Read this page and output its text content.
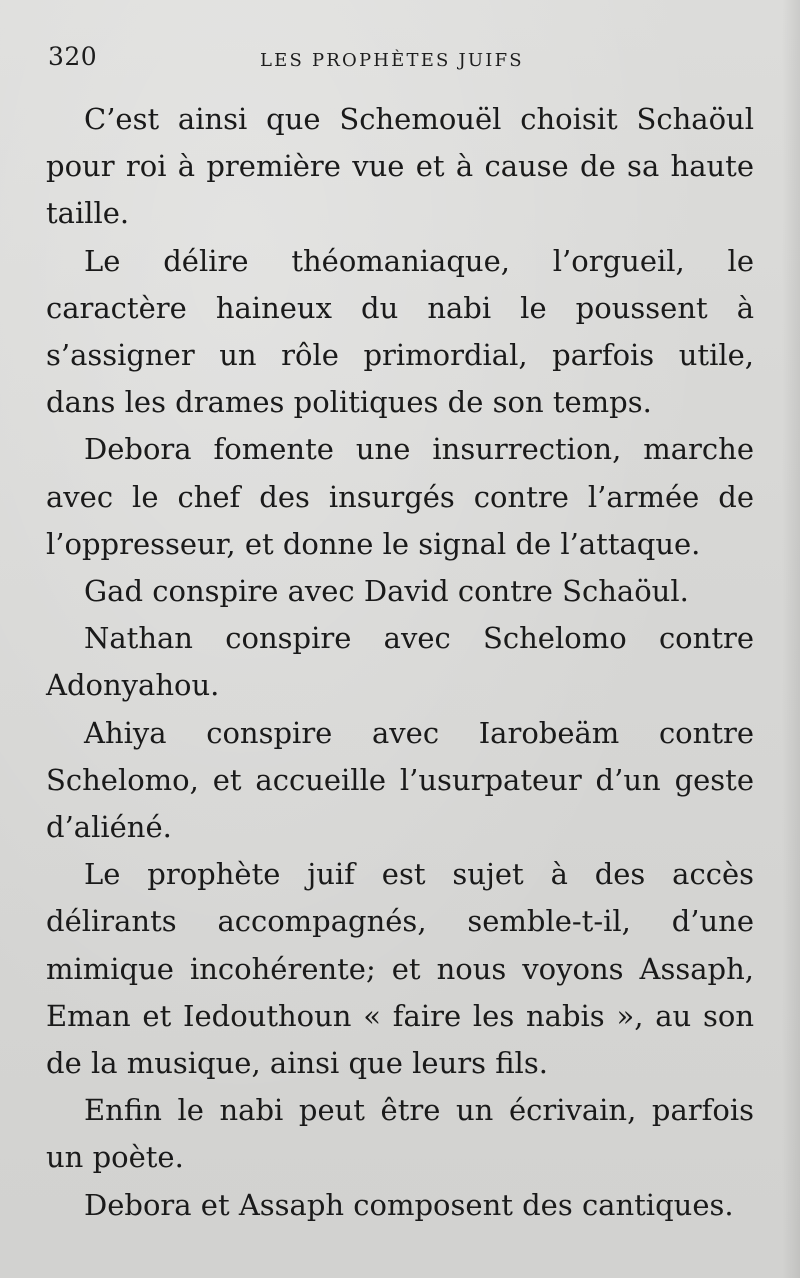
320	LES PROPHÈTES JUIFS

C’est ainsi que Schemouël choisit Schaöul pour roi à première vue et à cause de sa haute taille.

Le délire théomaniaque, l’orgueil, le caractère haineux du nabi le poussent à s’assigner un rôle primordial, parfois utile, dans les drames politiques de son temps.

Debora fomente une insurrection, marche avec le chef des insurgés contre l’armée de l’oppresseur, et donne le signal de l’attaque.

Gad conspire avec David contre Schaöul.

Nathan conspire avec Schelomo contre Adonyahou.

Ahiya conspire avec Iarobeäm contre Schelomo, et accueille l’usurpateur d’un geste d’aliéné.

Le prophète juif est sujet à des accès délirants accompagnés, semble-t-il, d’une mimique incohérente; et nous voyons Assaph, Eman et Iedouthoun « faire les nabis », au son de la musique, ainsi que leurs fils.

Enfin le nabi peut être un écrivain, parfois un poète.

Debora et Assaph composent des cantiques.
